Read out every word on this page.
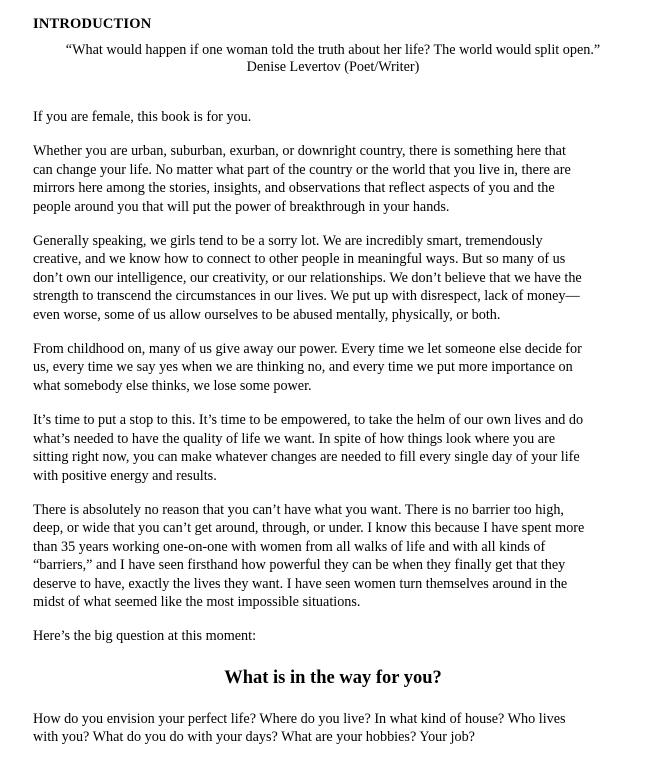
INTRODUCTION
“What would happen if one woman told the truth about her life? The world would split open.”
Denise Levertov (Poet/Writer)

If you are female, this book is for you.

Whether you are urban, suburban, exurban, or downright country, there is something here that
can change your life. No matter what part of the country or the world that you live in, there are
mirrors here among the stories, insights, and observations that reflect aspects of you and the
people around you that will put the power of breakthrough in your hands.

Generally speaking, we girls tend to be a sorry lot. We are incredibly smart, tremendously
creative, and we know how to connect to other people in meaningful ways. But so many of us
don’t own our intelligence, our creativity, or our relationships. We don’t believe that we have the
strength to transcend the circumstances in our lives. We put up with disrespect, lack of money—
even worse, some of us allow ourselves to be abused mentally, physically, or both.

From childhood on, many of us give away our power. Every time we let someone else decide for
us, every time we say yes when we are thinking no, and every time we put more importance on
what somebody else thinks, we lose some power.

It’s time to put a stop to this. It’s time to be empowered, to take the helm of our own lives and do
what’s needed to have the quality of life we want. In spite of how things look where you are
sitting right now, you can make whatever changes are needed to fill every single day of your life
with positive energy and results.

There is absolutely no reason that you can’t have what you want. There is no barrier too high,
deep, or wide that you can’t get around, through, or under. I know this because I have spent more
than 35 years working one-on-one with women from all walks of life and with all kinds of
“barriers,” and I have seen firsthand how powerful they can be when they finally get that they
deserve to have, exactly the lives they want. I have seen women turn themselves around in the
midst of what seemed like the most impossible situations.

Here’s the big question at this moment:

What is in the way for you?

How do you envision your perfect life? Where do you live? In what kind of house? Who lives
with you? What do you do with your days? What are your hobbies? Your job?
